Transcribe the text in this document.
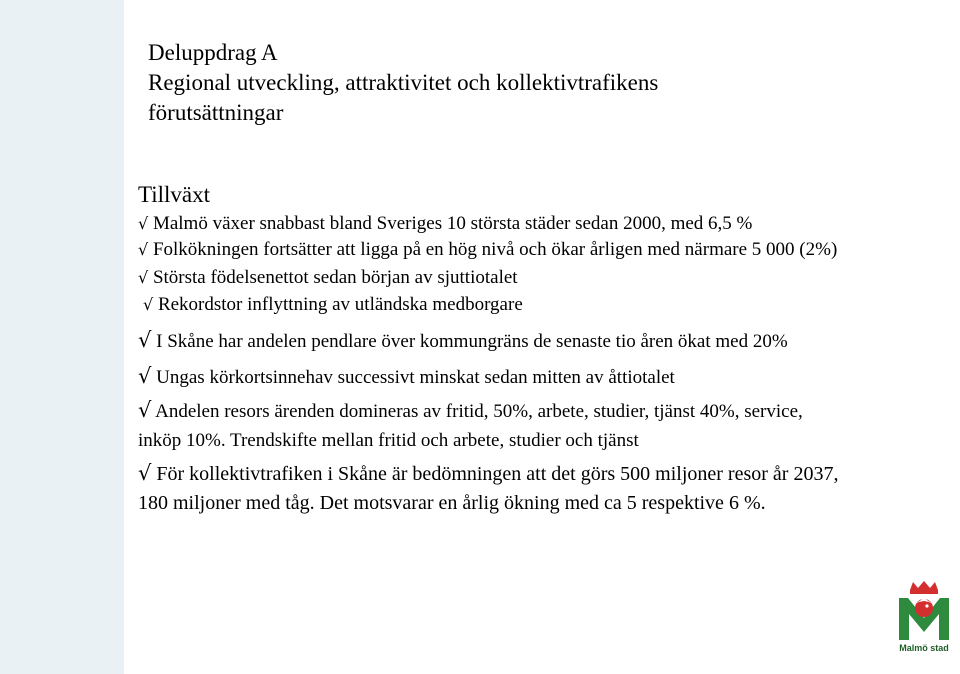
Deluppdrag A
Regional utveckling, attraktivitet och kollektivtrafikens
förutsättningar
Tillväxt
√ Malmö växer snabbast bland Sveriges 10 största städer sedan 2000, med 6,5 %
√ Folkökningen fortsätter att ligga på en hög nivå och ökar årligen med närmare 5 000 (2%)
√ Största födelsenettot sedan början av sjuttiotalet
√ Rekordstor inflyttning av utländska medborgare
√ I Skåne har andelen pendlare över kommungräns de senaste tio åren ökat med 20%
√ Ungas körkortsinnehav successivt minskat sedan mitten av åttiotalet
√ Andelen resors ärenden domineras av fritid, 50%, arbete, studier, tjänst 40%, service,
inköp 10%. Trendskifte mellan fritid och arbete, studier och tjänst
√ För kollektivtrafiken i Skåne är bedömningen att det görs 500 miljoner resor år 2037,
180 miljoner med tåg. Det motsvarar en årlig ökning med ca 5 respektive 6 %.
Malmö stad
